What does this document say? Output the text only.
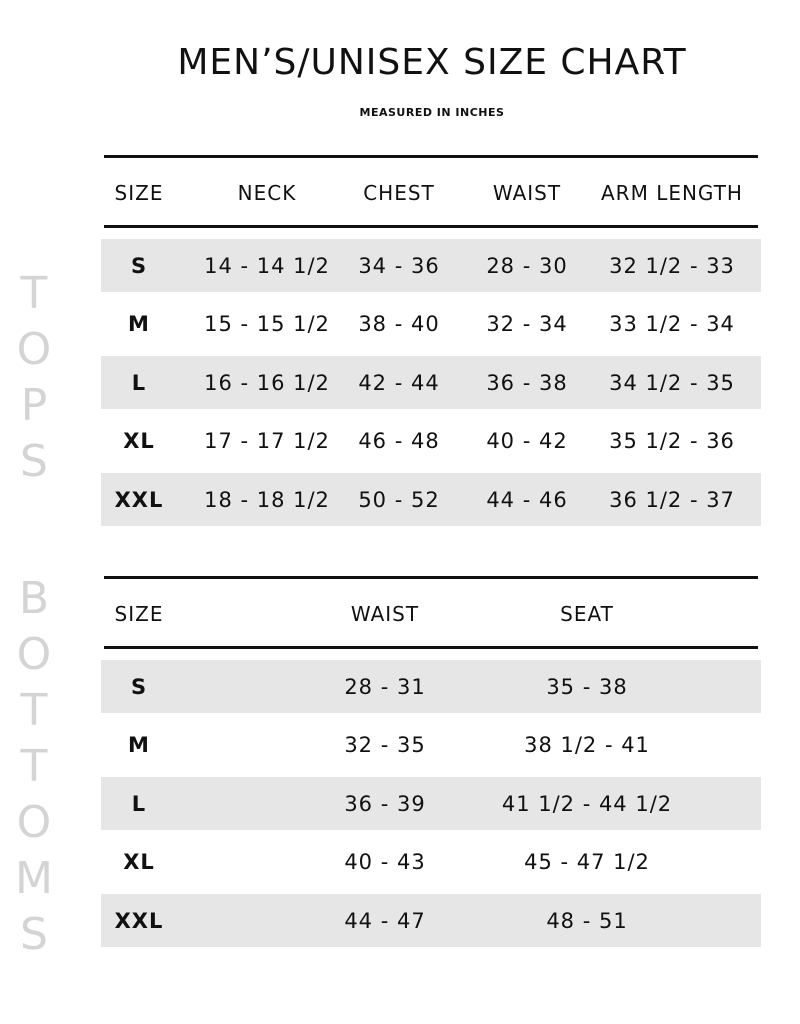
MEN’S/UNISEX SIZE CHART
MEASURED IN INCHES
T
O
P
S
B
O
T
T
O
M
S
SIZE	NECK	CHEST	WAIST	ARM LENGTH
S	14 - 14 1/2	34 - 36	28 - 30	32 1/2 - 33
M	15 - 15 1/2	38 - 40	32 - 34	33 1/2 - 34
L	16 - 16 1/2	42 - 44	36 - 38	34 1/2 - 35
XL	17 - 17 1/2	46 - 48	40 - 42	35 1/2 - 36
XXL	18 - 18 1/2	50 - 52	44 - 46	36 1/2 - 37
SIZE	WAIST	SEAT
S	28 - 31	35 - 38
M	32 - 35	38 1/2 - 41
L	36 - 39	41 1/2 - 44 1/2
XL	40 - 43	45 - 47 1/2
XXL	44 - 47	48 - 51
